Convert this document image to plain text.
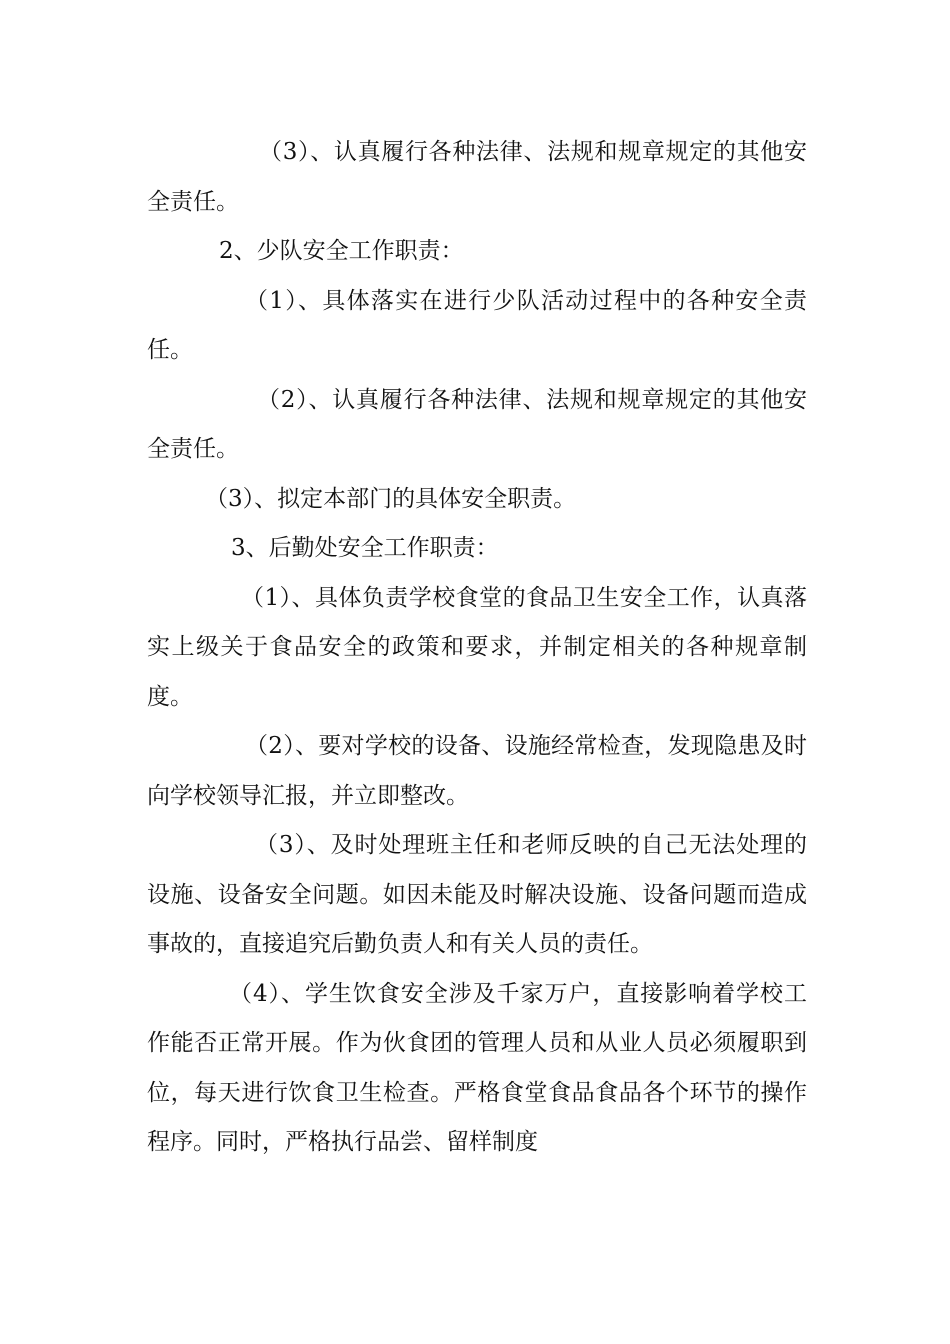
（3）、认真履行各种法律、法规和规章规定的其他安全责任。

2、少队安全工作职责：

（1）、具体落实在进行少队活动过程中的各种安全责任。

（2）、认真履行各种法律、法规和规章规定的其他安全责任。

（3）、拟定本部门的具体安全职责。

3、后勤处安全工作职责：

（1）、具体负责学校食堂的食品卫生安全工作，认真落实上级关于食品安全的政策和要求，并制定相关的各种规章制度。

（2）、要对学校的设备、设施经常检查，发现隐患及时向学校领导汇报，并立即整改。

（3）、及时处理班主任和老师反映的自己无法处理的设施、设备安全问题。如因未能及时解决设施、设备问题而造成事故的，直接追究后勤负责人和有关人员的责任。

（4）、学生饮食安全涉及千家万户，直接影响着学校工作能否正常开展。作为伙食团的管理人员和从业人员必须履职到位，每天进行饮食卫生检查。严格食堂食品食品各个环节的操作程序。同时，严格执行品尝、留样制度
